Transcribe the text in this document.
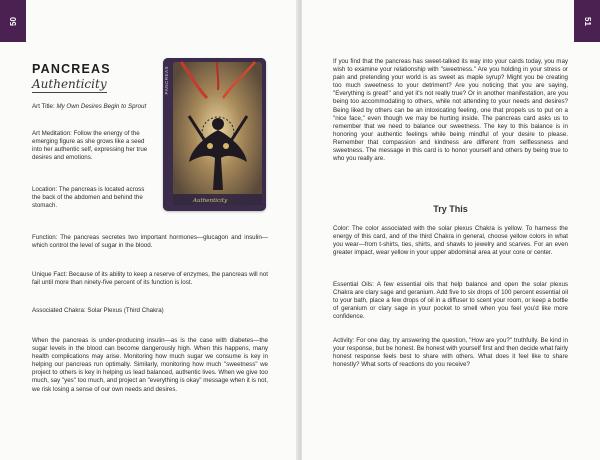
50
PANCREAS
Authenticity	PANCREAS
Authenticity

Art Title: My Own Desires Begin to Sprout

Art Meditation: Follow the energy of the emerging figure as she grows like a seed into her authentic self, expressing her true desires and emotions.

Location: The pancreas is located across the back of the abdomen and behind the stomach.

Function: The pancreas secretes two important hormones—glucagon and insulin—which control the level of sugar in the blood.

Unique Fact: Because of its ability to keep a reserve of enzymes, the pancreas will not fail until more than ninety-five percent of its function is lost.

Associated Chakra: Solar Plexus (Third Chakra)

When the pancreas is under-producing insulin—as is the case with diabetes—the sugar levels in the blood can become dangerously high. When this happens, many health complications may arise. Monitoring how much sugar we consume is key in helping our pancreas run optimally. Similarly, monitoring how much "sweetness" we project to others is key in helping us lead balanced, authentic lives. When we give too much, say "yes" too much, and project an "everything is okay" message when it is not, we risk losing a sense of our own needs and desires.

51

If you find that the pancreas has sweet-talked its way into your cards today, you may wish to examine your relationship with "sweetness." Are you holding in your stress or pain and pretending your world is as sweet as maple syrup? Might you be creating too much sweetness to your detriment? Are you noticing that you are saying, "Everything is great!" and yet it's not really true? Or in another manifestation, are you being too accommodating to others, while not attending to your needs and desires? Being liked by others can be an intoxicating feeling, one that propels us to put on a "nice face," even though we may be hurting inside. The pancreas card asks us to remember that we need to balance our sweetness. The key to this balance is in honoring your authentic feelings while being mindful of your desire to please. Remember that compassion and kindness are different from selflessness and sweetness. The message in this card is to honor yourself and others by being true to who you really are.

Try This

Color: The color associated with the solar plexus Chakra is yellow. To harness the energy of this card, and of the third Chakra in general, choose yellow colors in what you wear—from t-shirts, ties, shirts, and shawls to jewelry and scarves. For an even greater impact, wear yellow in your upper abdominal area at your core or center.

Essential Oils: A few essential oils that help balance and open the solar plexus Chakra are clary sage and geranium. Add five to six drops of 100 percent essential oil to your bath, place a few drops of oil in a diffuser to scent your room, or keep a bottle of geranium or clary sage in your pocket to smell when you feel you'd like more confidence.

Activity: For one day, try answering the question, "How are you?" truthfully. Be kind in your response, but be honest. Be honest with yourself first and then decide what fairly honest response feels best to share with others. What does it feel like to share honestly? What sorts of reactions do you receive?
